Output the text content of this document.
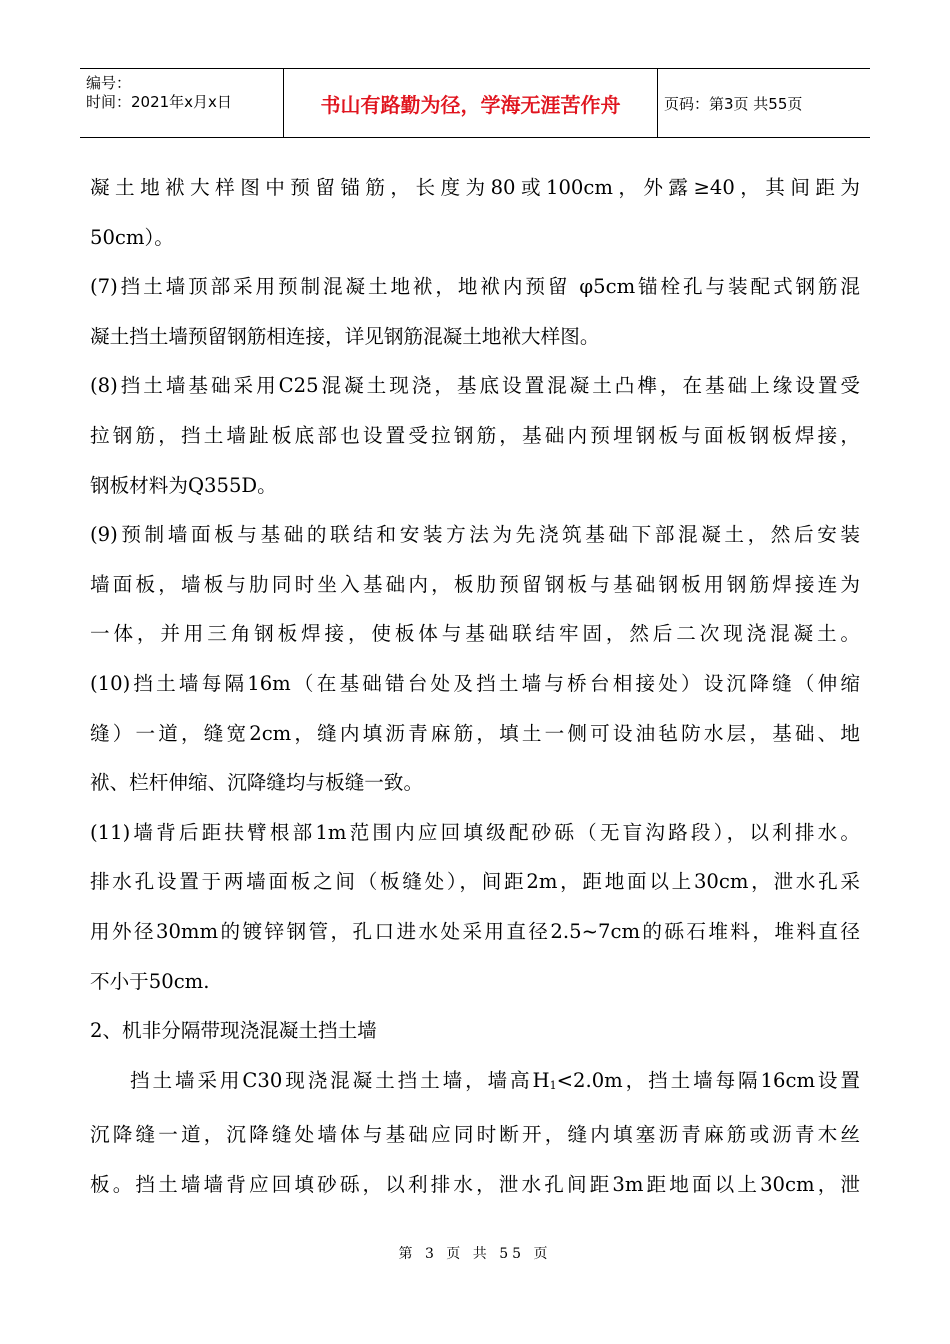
编号：
时间：2021年x月x日	书山有路勤为径，学海无涯苦作舟	页码：第3页 共55页

凝土地袱大样图中预留锚筋，长度为80或100cm，外露≥40，其间距为

50cm）。

(7)挡土墙顶部采用预制混凝土地袱，地袱内预留 φ5cm锚栓孔与装配式钢筋混

凝土挡土墙预留钢筋相连接，详见钢筋混凝土地袱大样图。

(8)挡土墙基础采用C25混凝土现浇，基底设置混凝土凸榫，在基础上缘设置受

拉钢筋，挡土墙趾板底部也设置受拉钢筋，基础内预埋钢板与面板钢板焊接，

钢板材料为Q355D。

(9)预制墙面板与基础的联结和安装方法为先浇筑基础下部混凝土，然后安装

墙面板，墙板与肋同时坐入基础内，板肋预留钢板与基础钢板用钢筋焊接连为

一体，并用三角钢板焊接，使板体与基础联结牢固，然后二次现浇混凝土。

(10)挡土墙每隔16m（在基础错台处及挡土墙与桥台相接处）设沉降缝（伸缩

缝）一道，缝宽2cm，缝内填沥青麻筋，填土一侧可设油毡防水层，基础、地

袱、栏杆伸缩、沉降缝均与板缝一致。

(11)墙背后距扶臂根部1m范围内应回填级配砂砾（无盲沟路段），以利排水。

排水孔设置于两墙面板之间（板缝处），间距2m，距地面以上30cm，泄水孔采

用外径30mm的镀锌钢管，孔口进水处采用直径2.5~7cm的砾石堆料，堆料直径

不小于50cm.

2、机非分隔带现浇混凝土挡土墙

挡土墙采用C30现浇混凝土挡土墙，墙高$H_1<2.0m$，挡土墙每隔16cm设置

沉降缝一道，沉降缝处墙体与基础应同时断开，缝内填塞沥青麻筋或沥青木丝

板。挡土墙墙背应回填砂砾，以利排水，泄水孔间距3m距地面以上30cm，泄

第 3 页 共 55 页
